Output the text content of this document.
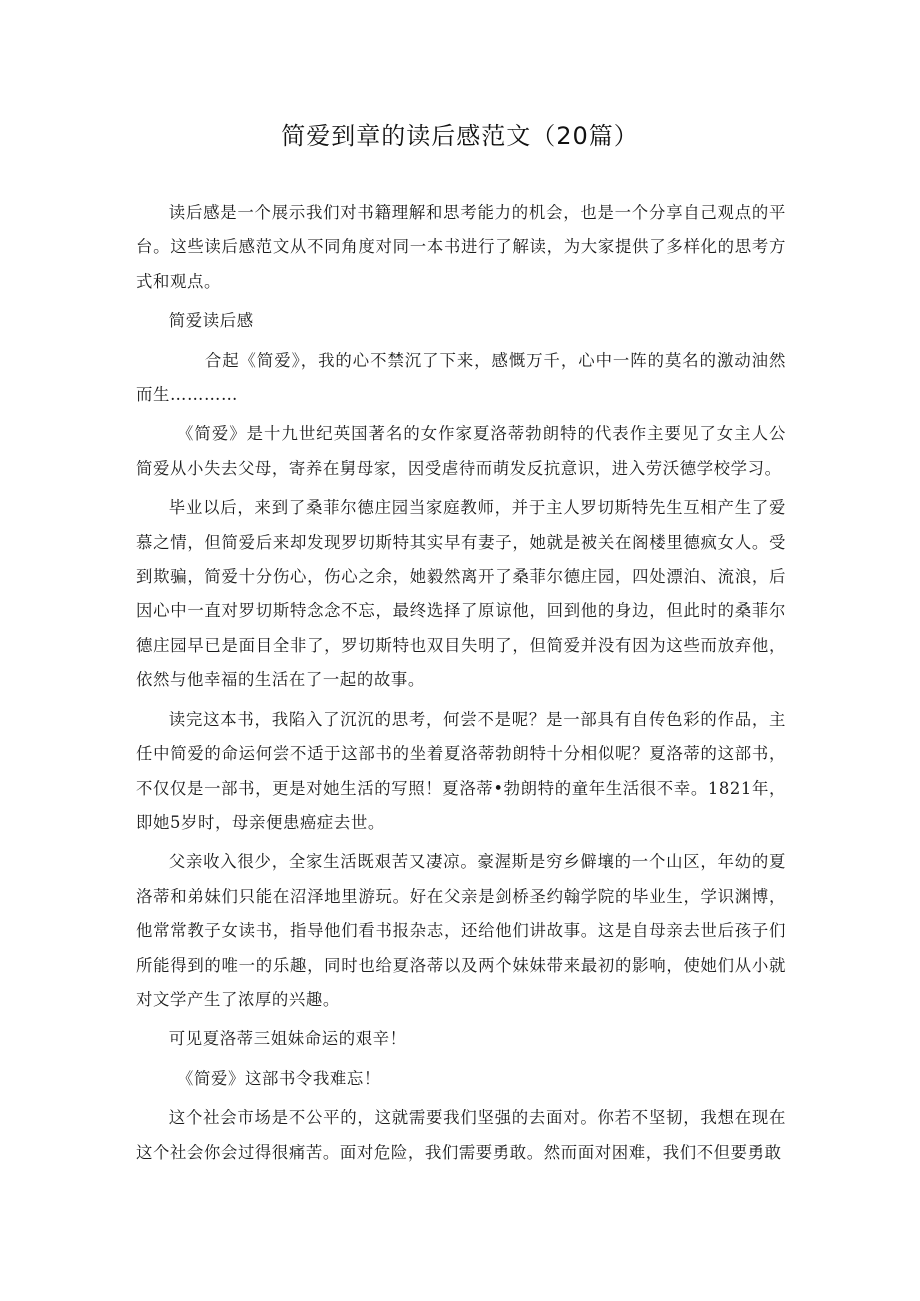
简爱到章的读后感范文（20篇）

读后感是一个展示我们对书籍理解和思考能力的机会，也是一个分享自己观点的平台。这些读后感范文从不同角度对同一本书进行了解读，为大家提供了多样化的思考方式和观点。

简爱读后感

合起《简爱》，我的心不禁沉了下来，感慨万千，心中一阵的莫名的激动油然而生…………

《简爱》是十九世纪英国著名的女作家夏洛蒂勃朗特的代表作主要见了女主人公简爱从小失去父母，寄养在舅母家，因受虐待而萌发反抗意识，进入劳沃德学校学习。

毕业以后，来到了桑菲尔德庄园当家庭教师，并于主人罗切斯特先生互相产生了爱慕之情，但简爱后来却发现罗切斯特其实早有妻子，她就是被关在阁楼里德疯女人。受到欺骗，简爱十分伤心，伤心之余，她毅然离开了桑菲尔德庄园，四处漂泊、流浪，后因心中一直对罗切斯特念念不忘，最终选择了原谅他，回到他的身边，但此时的桑菲尔德庄园早已是面目全非了，罗切斯特也双目失明了，但简爱并没有因为这些而放弃他，依然与他幸福的生活在了一起的故事。

读完这本书，我陷入了沉沉的思考，何尝不是呢？是一部具有自传色彩的作品，主任中简爱的命运何尝不适于这部书的坐着夏洛蒂勃朗特十分相似呢？夏洛蒂的这部书，不仅仅是一部书，更是对她生活的写照！夏洛蒂•勃朗特的童年生活很不幸。1821年，即她5岁时，母亲便患癌症去世。

父亲收入很少，全家生活既艰苦又凄凉。豪渥斯是穷乡僻壤的一个山区，年幼的夏洛蒂和弟妹们只能在沼泽地里游玩。好在父亲是剑桥圣约翰学院的毕业生，学识渊博，他常常教子女读书，指导他们看书报杂志，还给他们讲故事。这是自母亲去世后孩子们所能得到的唯一的乐趣，同时也给夏洛蒂以及两个妹妹带来最初的影响，使她们从小就对文学产生了浓厚的兴趣。

可见夏洛蒂三姐妹命运的艰辛！

《简爱》这部书令我难忘！

这个社会市场是不公平的，这就需要我们坚强的去面对。你若不坚韧，我想在现在这个社会你会过得很痛苦。面对危险，我们需要勇敢。然而面对困难，我们不但要勇敢
